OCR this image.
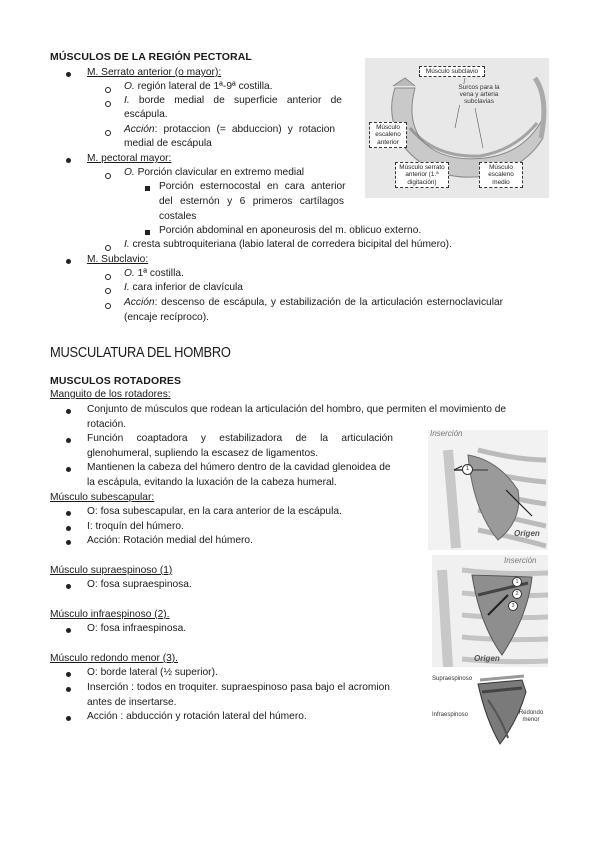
MÚSCULOS DE LA REGIÓN PECTORAL
M. Serrato anterior (o mayor):
O. región lateral de 1ª-9ª costilla.
I. borde medial de superficie anterior de
escápula.
Acción: protaccion (= abduccion) y rotacion
medial de escápula
M. pectoral mayor:
O. Porción clavicular en extremo medial
Porción esternocostal en cara anterior
del esternón y 6 primeros cartílagos
costales
Porción abdominal en aponeurosis del m. oblicuo externo.
I. cresta subtroquiteriana (labio lateral de corredera bicipital del húmero).
M. Subclavio:
O. 1ª costilla.
I. cara inferior de clavícula
Acción: descenso de escápula, y estabilización de la articulación esternoclavicular
(encaje recíproco).
Músculo subclavio
Surcos para la vena y arteria subclavias
Músculo escaleno anterior
Músculo serrato anterior (1.ª digitación)
Músculo escaleno medio
MUSCULATURA DEL HOMBRO
MUSCULOS ROTADORES
Manguito de los rotadores:
Conjunto de músculos que rodean la articulación del hombro, que permiten el movimiento de
rotación.
Función coaptadora y estabilizadora de la articulación
glenohumeral, supliendo la escasez de ligamentos.
Mantienen la cabeza del húmero dentro de la cavidad glenoidea de
la escápula, evitando la luxación de la cabeza humeral.
Músculo subescapular:
O: fosa subescapular, en la cara anterior de la escápula.
I: troquín del húmero.
Acción: Rotación medial del húmero.
Músculo supraespinoso (1)
O: fosa supraespinosa.
Músculo infraespinoso (2).
O: fosa infraespinosa.
Músculo redondo menor (3).
O: borde lateral (½ superior).
Inserción : todos en troquiter. supraespinoso pasa bajo el acromion
antes de insertarse.
Acción : abducción y rotación lateral del húmero.
Inserción
Origen
1
Inserción
Origen
1
2
3
Supraespinoso
Infraespinoso	Redondo menor
